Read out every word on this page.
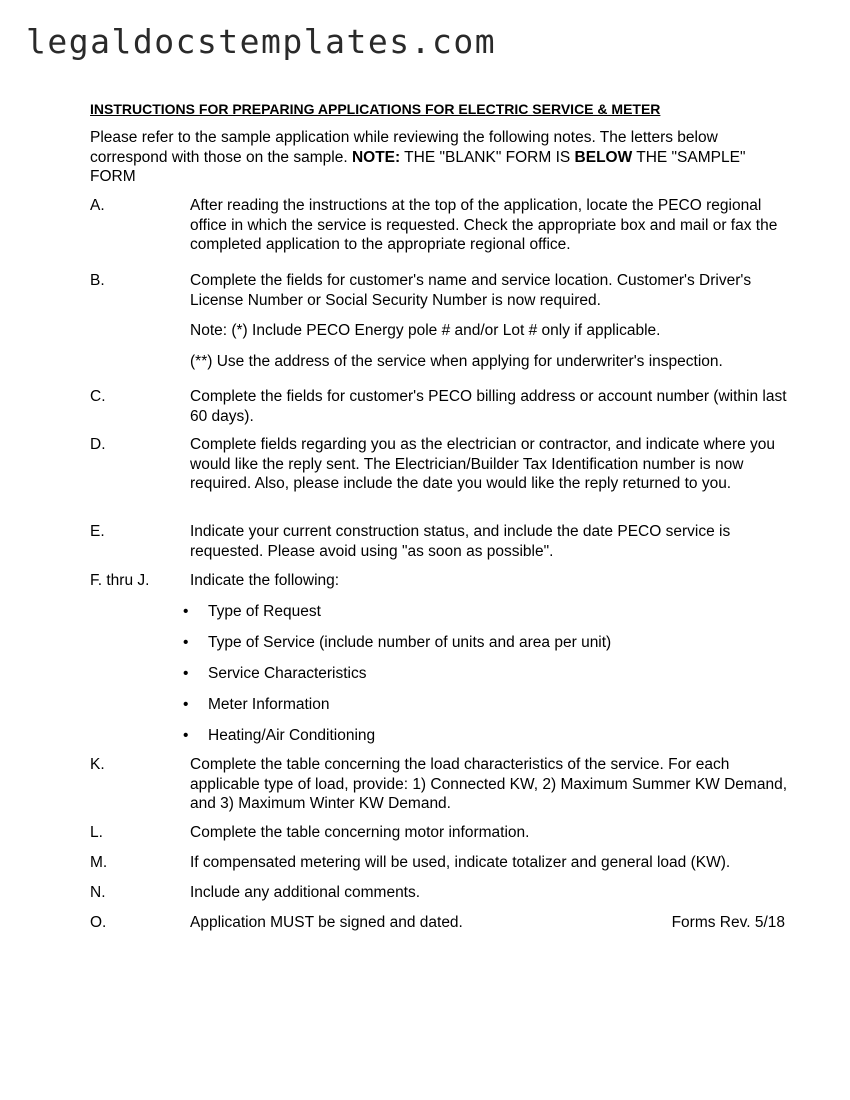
legaldocstemplates.com
INSTRUCTIONS FOR PREPARING APPLICATIONS FOR ELECTRIC SERVICE & METER
Please refer to the sample application while reviewing the following notes. The letters below correspond with those on the sample. NOTE: THE "BLANK" FORM IS BELOW THE "SAMPLE" FORM
A.	After reading the instructions at the top of the application, locate the PECO regional office in which the service is requested. Check the appropriate box and mail or fax the completed application to the appropriate regional office.
B.	Complete the fields for customer's name and service location. Customer's Driver's License Number or Social Security Number is now required.
Note: (*) Include PECO Energy pole # and/or Lot # only if applicable.
(**) Use the address of the service when applying for underwriter's inspection.
C.	Complete the fields for customer's PECO billing address or account number (within last 60 days).
D.	Complete fields regarding you as the electrician or contractor, and indicate where you would like the reply sent. The Electrician/Builder Tax Identification number is now required. Also, please include the date you would like the reply returned to you.
E.	Indicate your current construction status, and include the date PECO service is requested. Please avoid using "as soon as possible".
F. thru J.	Indicate the following:
• Type of Request
• Type of Service (include number of units and area per unit)
• Service Characteristics
• Meter Information
• Heating/Air Conditioning
K.	Complete the table concerning the load characteristics of the service. For each applicable type of load, provide: 1) Connected KW, 2) Maximum Summer KW Demand, and 3) Maximum Winter KW Demand.
L.	Complete the table concerning motor information.
M.	If compensated metering will be used, indicate totalizer and general load (KW).
N.	Include any additional comments.
O.	Application MUST be signed and dated.	Forms Rev. 5/18
